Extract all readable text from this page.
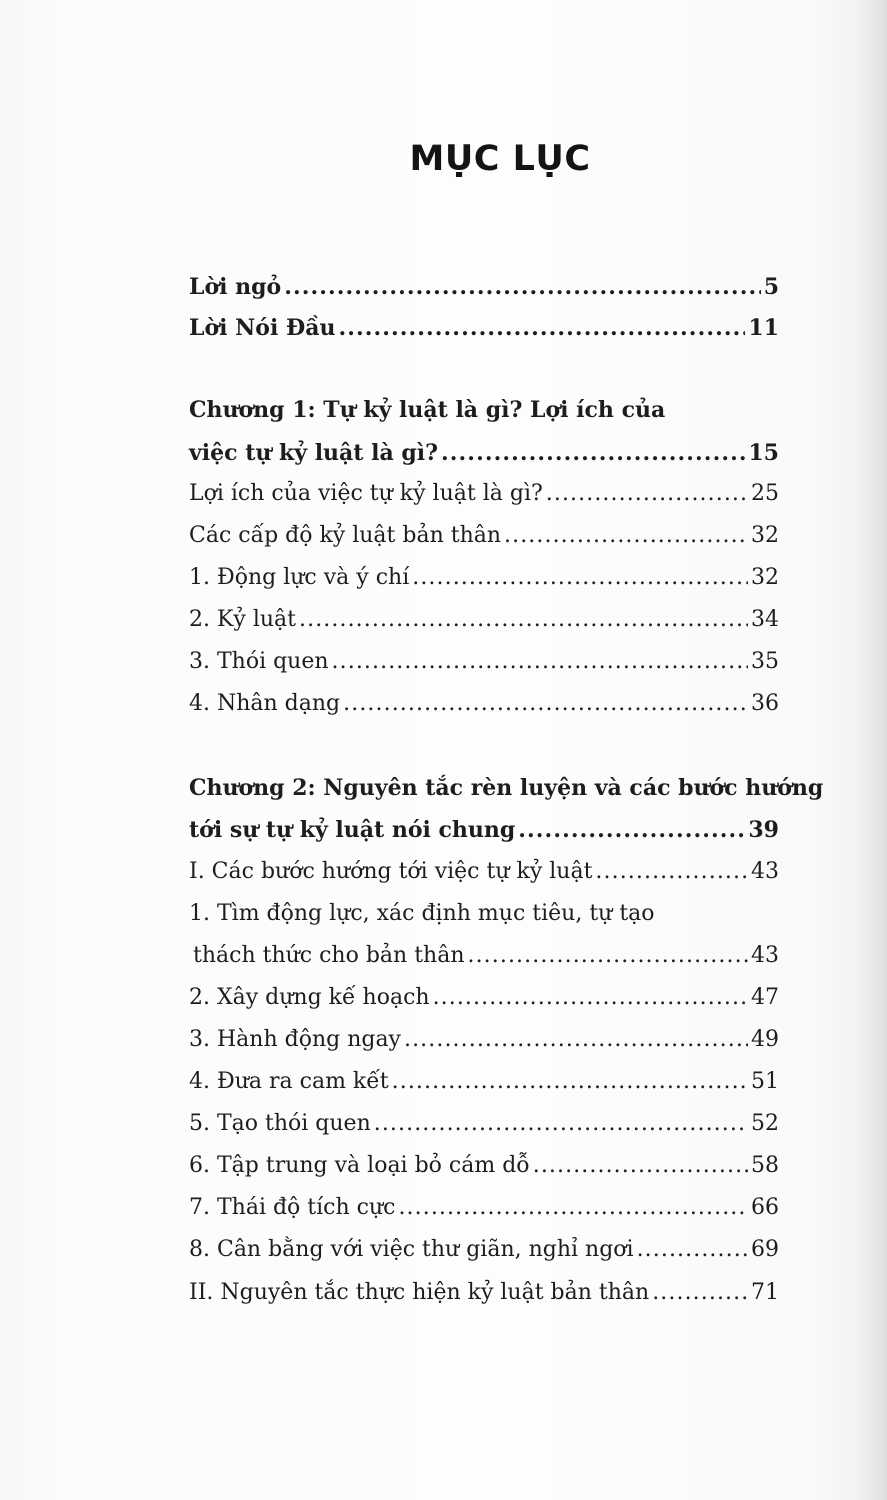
MỤC LỤC
Lời ngỏ .....	5
Lời Nói Đầu .....	11
Chương 1: Tự kỷ luật là gì? Lợi ích của
việc tự kỷ luật là gì? .....	15
Lợi ích của việc tự kỷ luật là gì? .....	25
Các cấp độ kỷ luật bản thân .....	32
1. Động lực và ý chí .....	32
2. Kỷ luật .....	34
3. Thói quen .....	35
4. Nhân dạng .....	36
Chương 2: Nguyên tắc rèn luyện và các bước hướng
tới sự tự kỷ luật nói chung .....	39
I. Các bước hướng tới việc tự kỷ luật .....	43
1. Tìm động lực, xác định mục tiêu, tự tạo
thách thức cho bản thân .....	43
2. Xây dựng kế hoạch .....	47
3. Hành động ngay .....	49
4. Đưa ra cam kết .....	51
5. Tạo thói quen .....	52
6. Tập trung và loại bỏ cám dỗ .....	58
7. Thái độ tích cực .....	66
8. Cân bằng với việc thư giãn, nghỉ ngơi .....	69
II. Nguyên tắc thực hiện kỷ luật bản thân .....	71
